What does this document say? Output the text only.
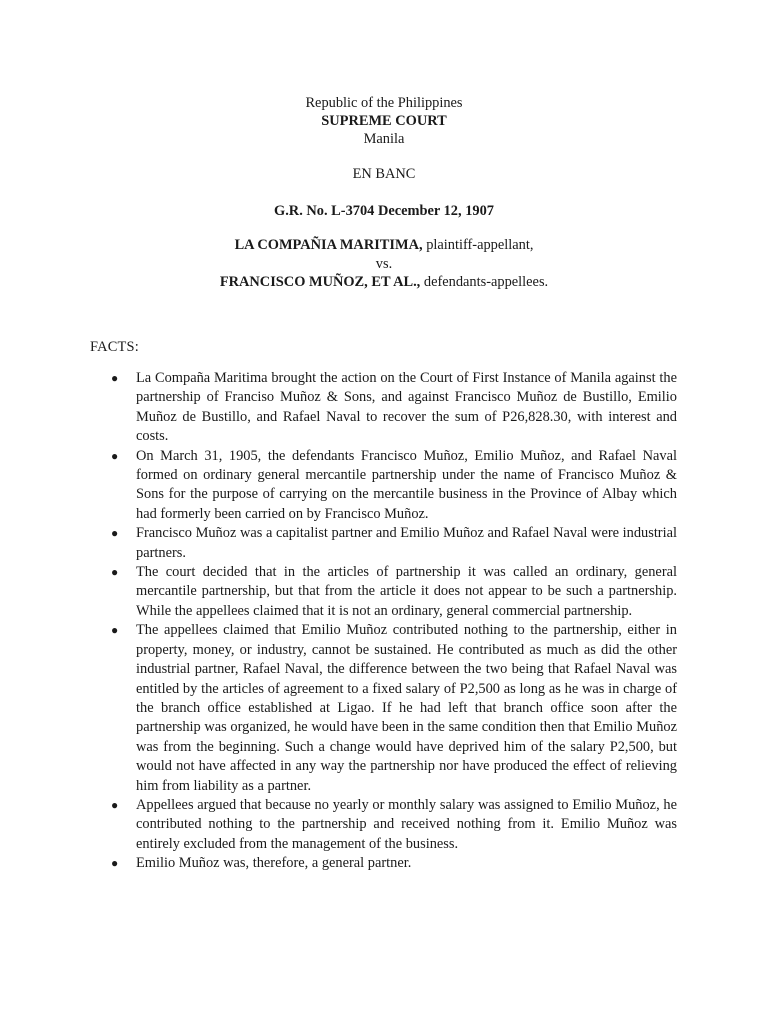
Republic of the Philippines
SUPREME COURT
Manila
EN BANC
G.R. No. L-3704 December 12, 1907
LA COMPAÑIA MARITIMA, plaintiff-appellant,
vs.
FRANCISCO MUÑOZ, ET AL., defendants-appellees.
FACTS:
● La Compaña Maritima brought the action on the Court of First Instance of Manila against the partnership of Franciso Muñoz & Sons, and against Francisco Muñoz de Bustillo, Emilio Muñoz de Bustillo, and Rafael Naval to recover the sum of P26,828.30, with interest and costs.
● On March 31, 1905, the defendants Francisco Muñoz, Emilio Muñoz, and Rafael Naval formed on ordinary general mercantile partnership under the name of Francisco Muñoz & Sons for the purpose of carrying on the mercantile business in the Province of Albay which had formerly been carried on by Francisco Muñoz.
● Francisco Muñoz was a capitalist partner and Emilio Muñoz and Rafael Naval were industrial partners.
● The court decided that in the articles of partnership it was called an ordinary, general mercantile partnership, but that from the article it does not appear to be such a partnership. While the appellees claimed that it is not an ordinary, general commercial partnership.
● The appellees claimed that Emilio Muñoz contributed nothing to the partnership, either in property, money, or industry, cannot be sustained. He contributed as much as did the other industrial partner, Rafael Naval, the difference between the two being that Rafael Naval was entitled by the articles of agreement to a fixed salary of P2,500 as long as he was in charge of the branch office established at Ligao. If he had left that branch office soon after the partnership was organized, he would have been in the same condition then that Emilio Muñoz was from the beginning. Such a change would have deprived him of the salary P2,500, but would not have affected in any way the partnership nor have produced the effect of relieving him from liability as a partner.
● Appellees argued that because no yearly or monthly salary was assigned to Emilio Muñoz, he contributed nothing to the partnership and received nothing from it. Emilio Muñoz was entirely excluded from the management of the business.
● Emilio Muñoz was, therefore, a general partner.
